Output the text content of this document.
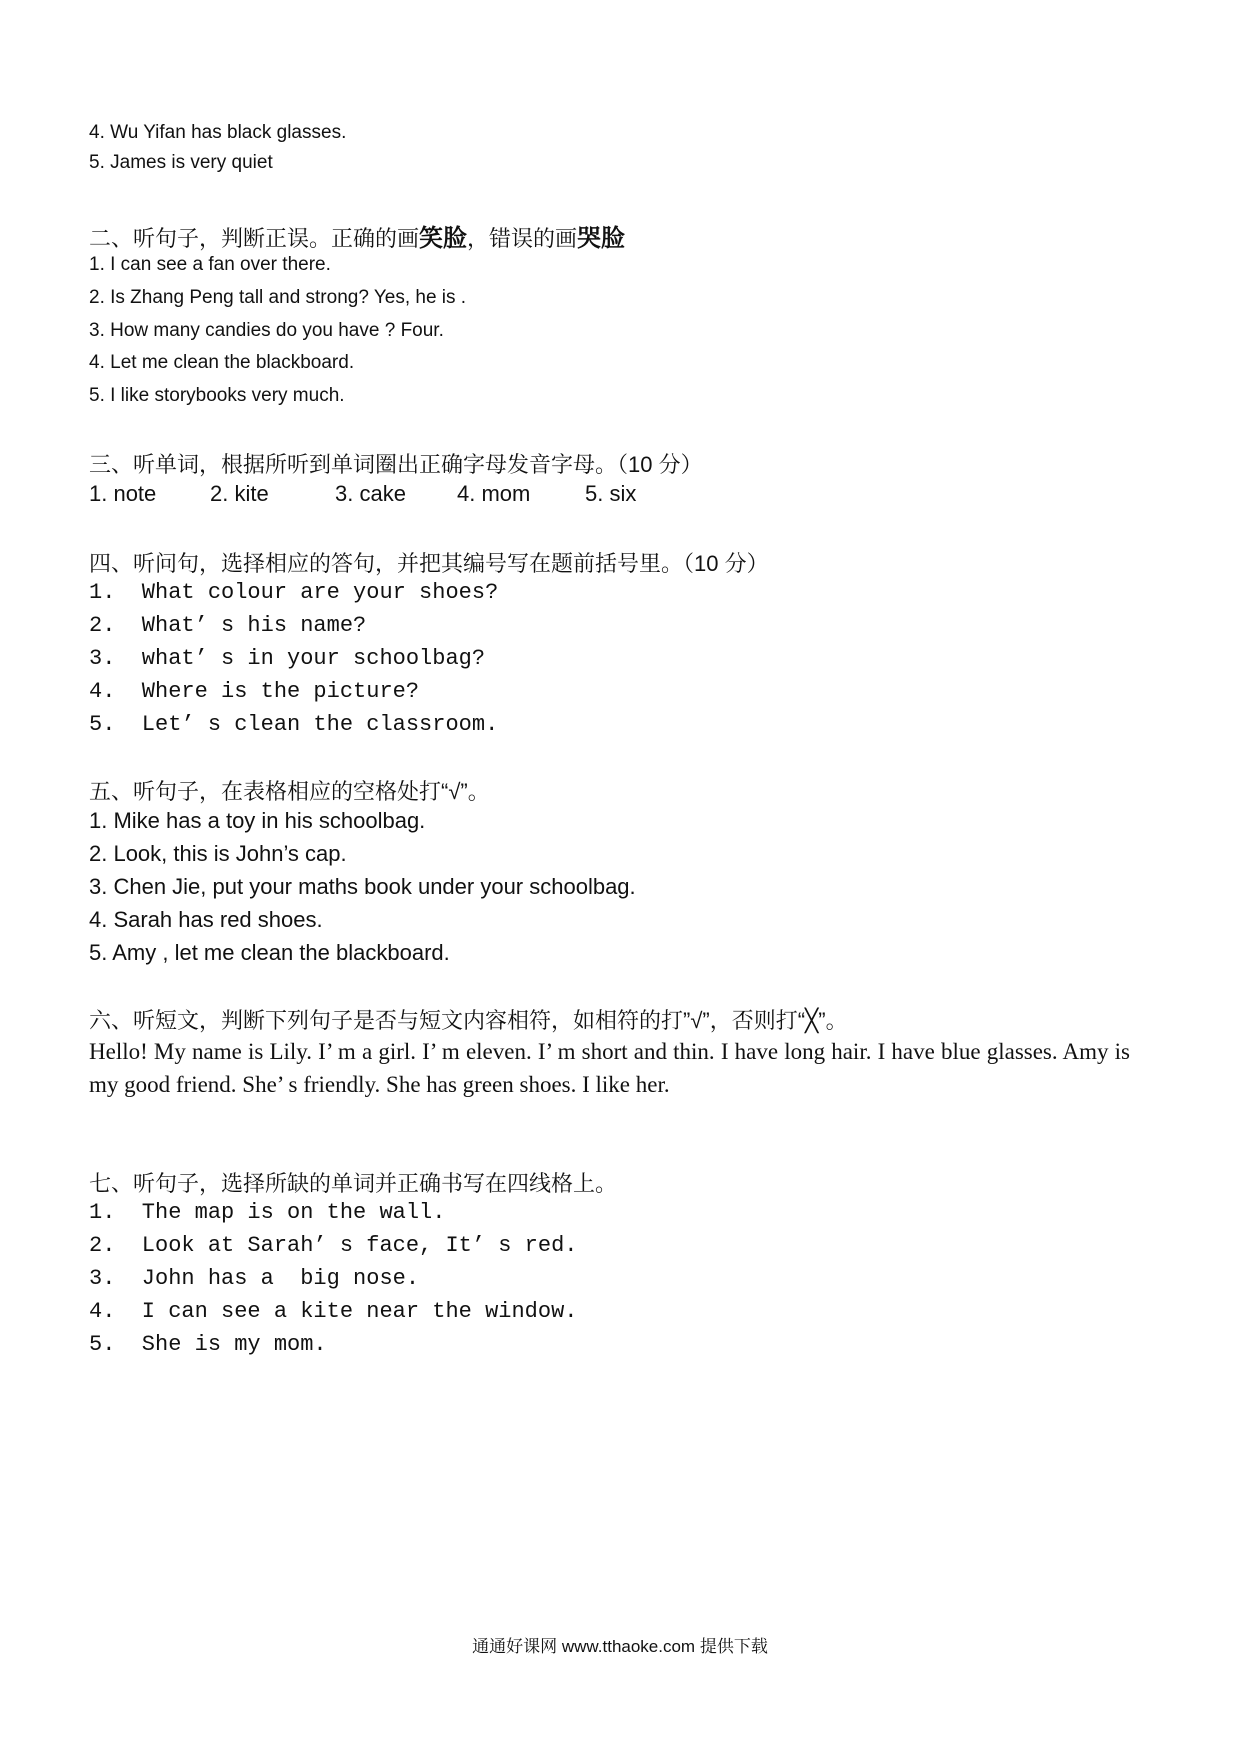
4. Wu Yifan has black glasses.
5. James is very quiet
二、听句子，判断正误。正确的画笑脸，错误的画哭脸
1. I can see a fan over there.
2. Is Zhang Peng tall and strong? Yes, he is .
3. How many candies do you have ? Four.
4. Let me clean the blackboard.
5. I like storybooks very much.
三、听单词，根据所听到单词圈出正确字母发音字母。（10 分）
1. note 2. kite	3. cake 4. mom 5. six
四、听问句，选择相应的答句，并把其编号写在题前括号里。（10 分）
1.  What colour are your shoes?
2.  What’ s his name?
3.  what’ s in your schoolbag?
4.  Where is the picture?
5.  Let’ s clean the classroom.
五、听句子，在表格相应的空格处打“√”。
1. Mike has a toy in his schoolbag.
2. Look, this is John’s cap.
3. Chen Jie, put your maths book under your schoolbag.
4. Sarah has red shoes.
5. Amy , let me clean the blackboard.
六、听短文，判断下列句子是否与短文内容相符，如相符的打”√”，否则打“╳”。
Hello! My name is Lily. I’ m a girl. I’ m eleven. I’ m short and thin. I have long hair. I have blue glasses. Amy is my good friend. She’ s friendly. She has green shoes. I like her.
七、听句子，选择所缺的单词并正确书写在四线格上。
1.  The map is on the wall.
2.  Look at Sarah’ s face, It’ s red.
3.  John has a  big nose.
4.  I can see a kite near the window.
5.  She is my mom.
通通好课网 www.tthaoke.com 提供下载
